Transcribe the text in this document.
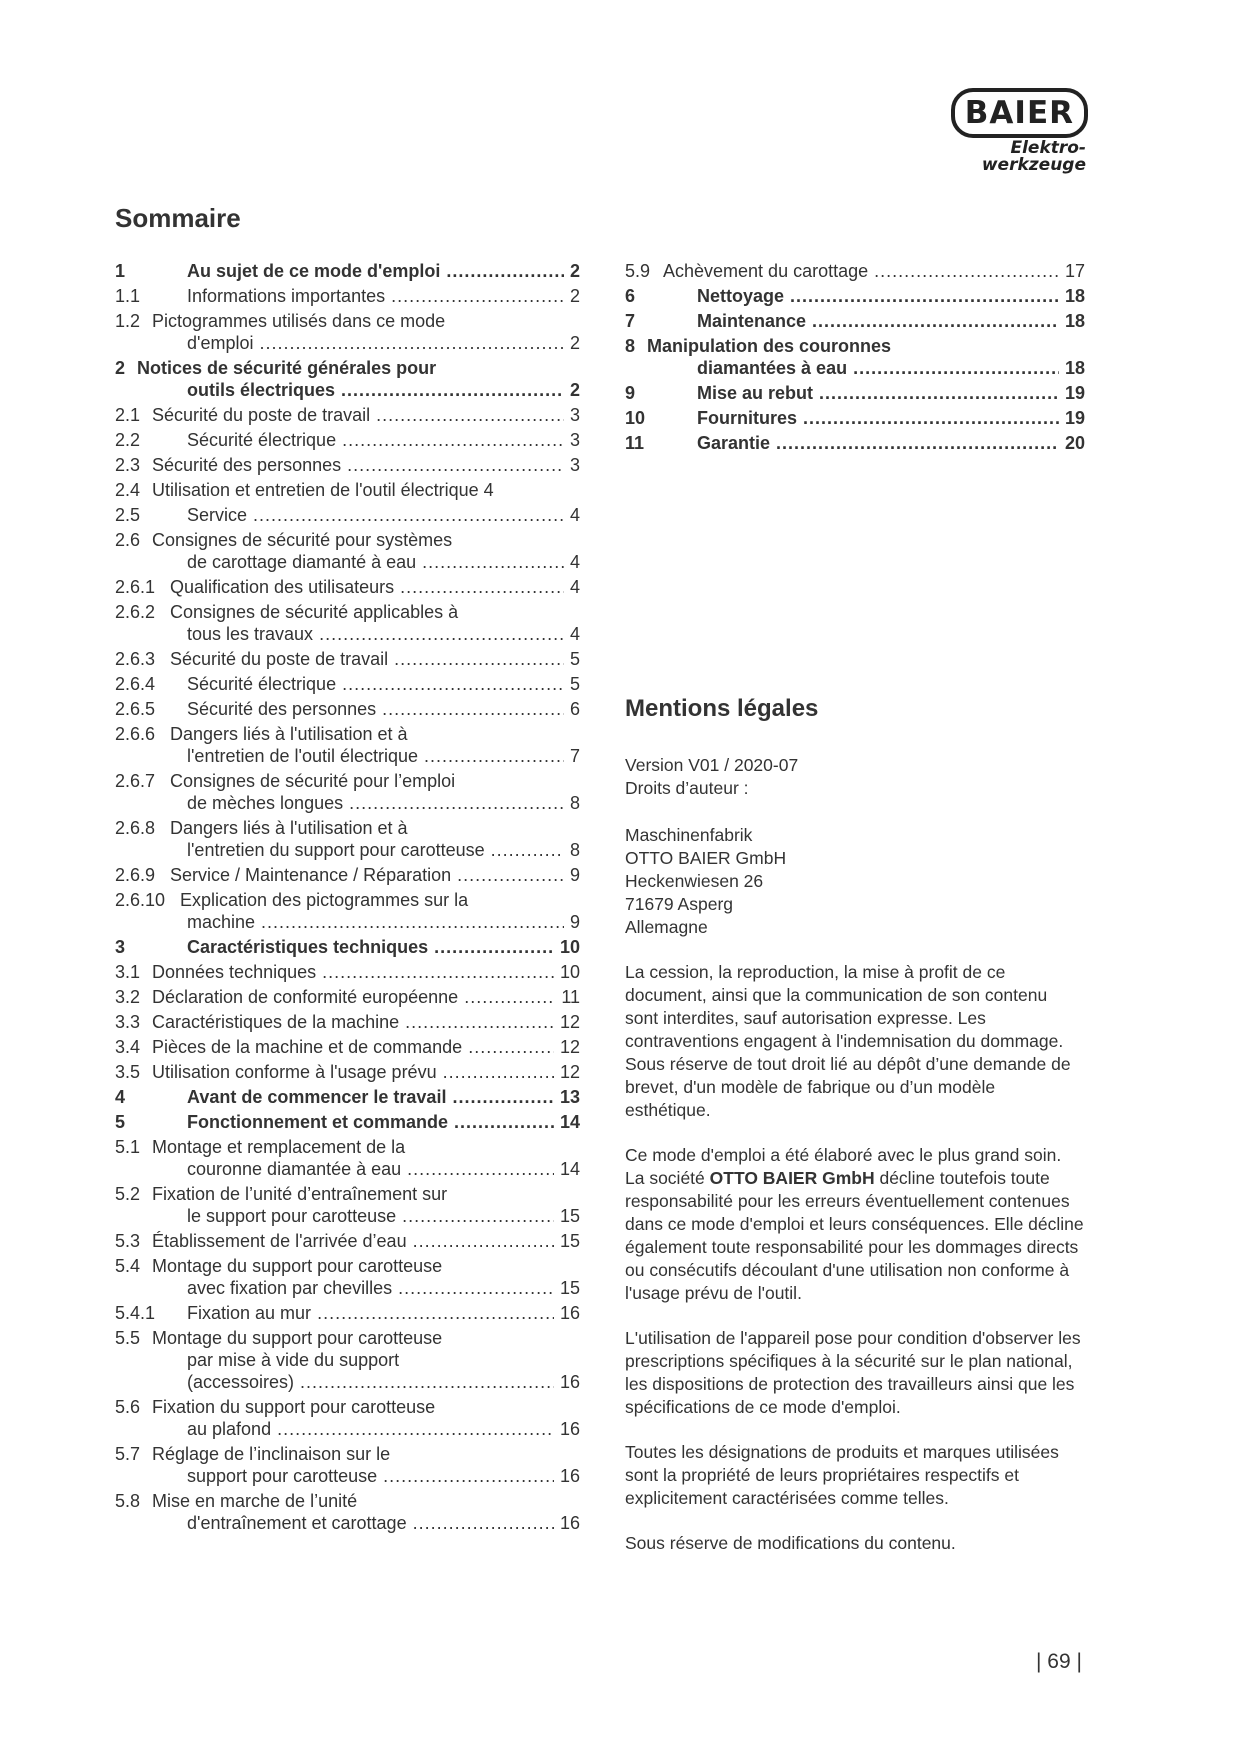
BAIER
Elektro-
werkzeuge
Sommaire
1	Au sujet de ce mode d'emploi .....	2
1.1	Informations importantes .....	2
1.2 Pictogrammes utilisés dans ce mode
d'emploi .....	2
2 Notices de sécurité générales pour
outils électriques .....	2
2.1 Sécurité du poste de travail .....	3
2.2	Sécurité électrique .....	3
2.3 Sécurité des personnes .....	3
2.4 Utilisation et entretien de l'outil électrique 4
2.5	Service .....	4
2.6 Consignes de sécurité pour systèmes
de carottage diamanté à eau .....	4
2.6.1 Qualification des utilisateurs .....	4
2.6.2 Consignes de sécurité applicables à
tous les travaux .....	4
2.6.3 Sécurité du poste de travail .....	5
2.6.4 Sécurité électrique .....	5
2.6.5 Sécurité des personnes .....	6
2.6.6 Dangers liés à l'utilisation et à
l'entretien de l'outil électrique .....	7
2.6.7 Consignes de sécurité pour l’emploi
de mèches longues .....	8
2.6.8 Dangers liés à l'utilisation et à
l'entretien du support pour carotteuse .....	8
2.6.9 Service / Maintenance / Réparation .....	9
2.6.10 Explication des pictogrammes sur la
machine .....	9
3	Caractéristiques techniques .....	10
3.1 Données techniques .....	10
3.2 Déclaration de conformité européenne .....	11
3.3 Caractéristiques de la machine .....	12
3.4 Pièces de la machine et de commande .....	12
3.5 Utilisation conforme à l'usage prévu .....	12
4	Avant de commencer le travail .....	13
5	Fonctionnement et commande .....	14
5.1 Montage et remplacement de la
couronne diamantée à eau .....	14
5.2 Fixation de l’unité d’entraînement sur
le support pour carotteuse .....	15
5.3 Établissement de l'arrivée d’eau .....	15
5.4 Montage du support pour carotteuse
avec fixation par chevilles .....	15
5.4.1 Fixation au mur .....	16
5.5 Montage du support pour carotteuse
par mise à vide du support
(accessoires) .....	16
5.6 Fixation du support pour carotteuse
au plafond .....	16
5.7 Réglage de l’inclinaison sur le
support pour carotteuse .....	16
5.8 Mise en marche de l’unité
d'entraînement et carottage .....	16
5.9 Achèvement du carottage .....	17
6	Nettoyage .....	18
7	Maintenance .....	18
8 Manipulation des couronnes
diamantées à eau .....	18
9	Mise au rebut .....	19
10	Fournitures .....	19
11	Garantie .....	20
Mentions légales
Version V01 / 2020-07
Droits d’auteur :
Maschinenfabrik
OTTO BAIER GmbH
Heckenwiesen 26
71679 Asperg
Allemagne

La cession, la reproduction, la mise à profit de ce document, ainsi que la communication de son contenu sont interdites, sauf autorisation expresse. Les contraventions engagent à l'indemnisation du dommage. Sous réserve de tout droit lié au dépôt d’une demande de brevet, d'un modèle de fabrique ou d’un modèle esthétique.

Ce mode d'emploi a été élaboré avec le plus grand soin. La société OTTO BAIER GmbH décline toutefois toute responsabilité pour les erreurs éventuellement contenues dans ce mode d'emploi et leurs conséquences. Elle décline également toute responsabilité pour les dommages directs ou consécutifs découlant d'une utilisation non conforme à l'usage prévu de l'outil.

L'utilisation de l'appareil pose pour condition d'observer les prescriptions spécifiques à la sécurité sur le plan national, les dispositions de protection des travailleurs ainsi que les spécifications de ce mode d'emploi.

Toutes les désignations de produits et marques utilisées sont la propriété de leurs propriétaires respectifs et explicitement caractérisées comme telles.

Sous réserve de modifications du contenu.

| 69 |
